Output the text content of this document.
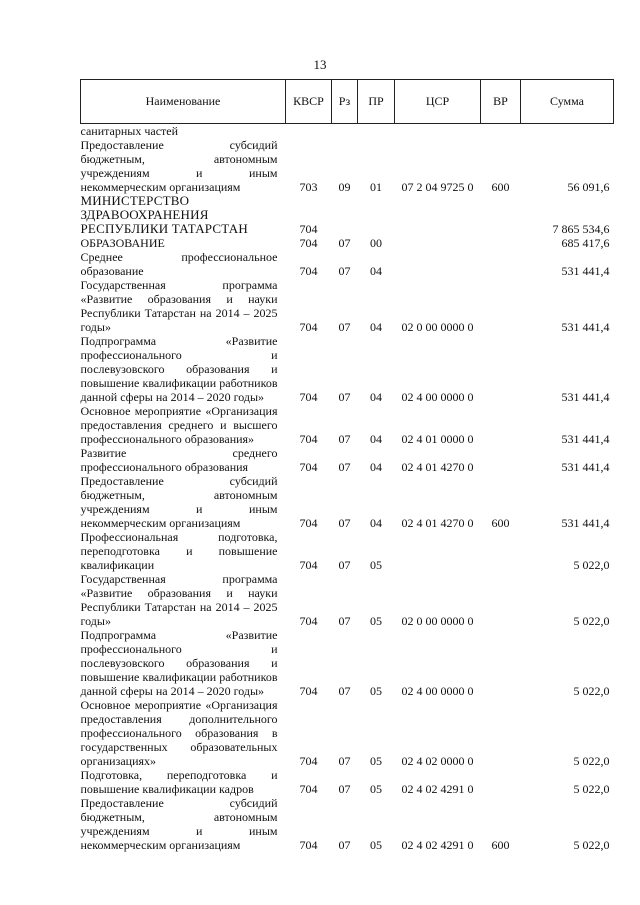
13
Наименование	КВСР	Рз	ПР	ЦСР	ВР	Сумма
санитарных частей						
Предоставление субсидий бюджетным, автономным учреждениям и иным некоммерческим организациям	703	09	01	07 2 04 9725 0	600	56 091,6
МИНИСТЕРСТВО ЗДРАВООХРАНЕНИЯ РЕСПУБЛИКИ ТАТАРСТАН	704					7 865 534,6
ОБРАЗОВАНИЕ	704	07	00			685 417,6
Среднее профессиональное образование	704	07	04			531 441,4
Государственная программа «Развитие образования и науки Республики Татарстан на 2014 – 2025 годы»	704	07	04	02 0 00 0000 0		531 441,4
Подпрограмма «Развитие профессионального и послевузовского образования и повышение квалификации работников данной сферы на 2014 – 2020 годы»	704	07	04	02 4 00 0000 0		531 441,4
Основное мероприятие «Организация предоставления среднего и высшего профессионального образования»	704	07	04	02 4 01 0000 0		531 441,4
Развитие среднего профессионального образования	704	07	04	02 4 01 4270 0		531 441,4
Предоставление субсидий бюджетным, автономным учреждениям и иным некоммерческим организациям	704	07	04	02 4 01 4270 0	600	531 441,4
Профессиональная подготовка, переподготовка и повышение квалификации	704	07	05			5 022,0
Государственная программа «Развитие образования и науки Республики Татарстан на 2014 – 2025 годы»	704	07	05	02 0 00 0000 0		5 022,0
Подпрограмма «Развитие профессионального и послевузовского образования и повышение квалификации работников данной сферы на 2014 – 2020 годы»	704	07	05	02 4 00 0000 0		5 022,0
Основное мероприятие «Организация предоставления дополнительного профессионального образования в государственных образовательных организациях»	704	07	05	02 4 02 0000 0		5 022,0
Подготовка, переподготовка и повышение квалификации кадров	704	07	05	02 4 02 4291 0		5 022,0
Предоставление субсидий бюджетным, автономным учреждениям и иным некоммерческим организациям	704	07	05	02 4 02 4291 0	600	5 022,0
